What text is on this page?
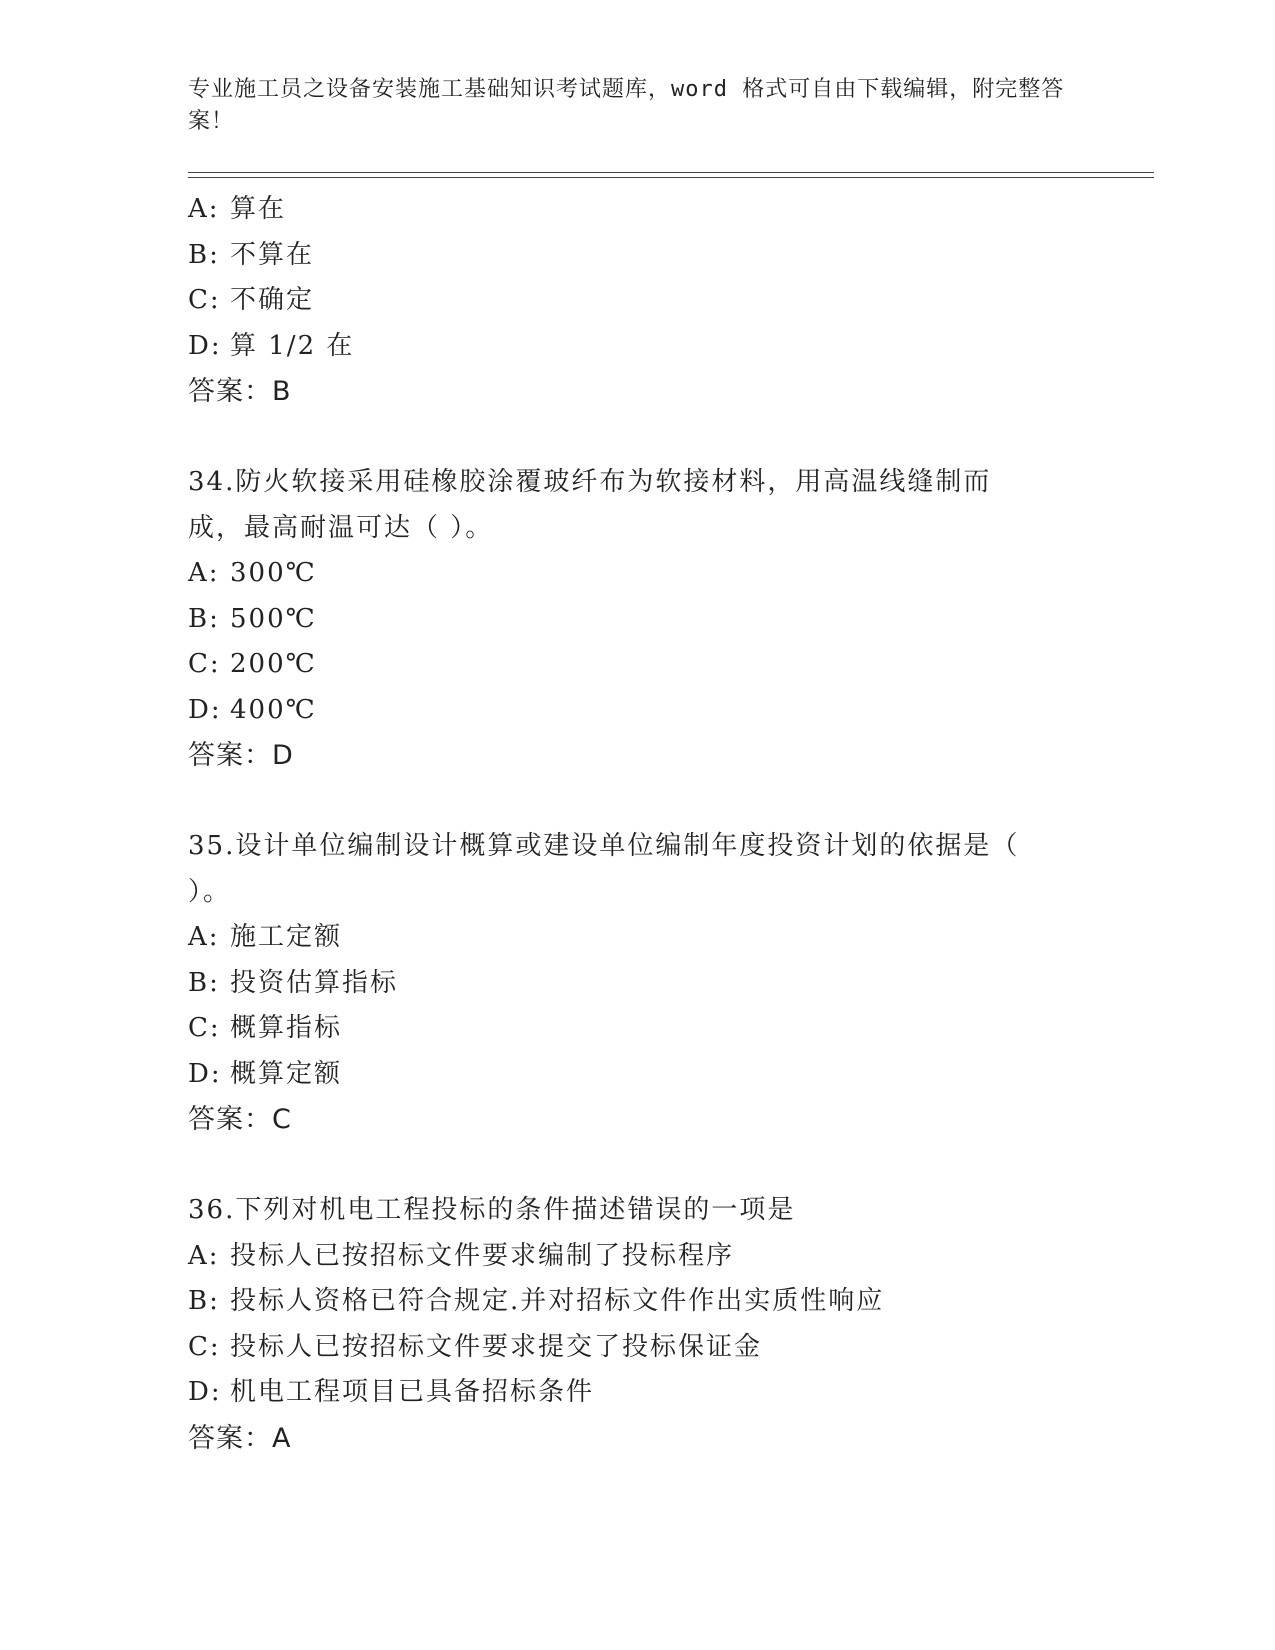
专业施工员之设备安装施工基础知识考试题库，word 格式可自由下载编辑，附完整答案！
A: 算在
B: 不算在
C: 不确定
D: 算 1/2 在
答案：B
34.防火软接采用硅橡胶涂覆玻纤布为软接材料，用高温线缝制而成，最高耐温可达（ ）。
A: 300℃
B: 500℃
C: 200℃
D: 400℃
答案：D
35.设计单位编制设计概算或建设单位编制年度投资计划的依据是（ ）。
A: 施工定额
B: 投资估算指标
C: 概算指标
D: 概算定额
答案：C
36.下列对机电工程投标的条件描述错误的一项是
A: 投标人已按招标文件要求编制了投标程序
B: 投标人资格已符合规定.并对招标文件作出实质性响应
C: 投标人已按招标文件要求提交了投标保证金
D: 机电工程项目已具备招标条件
答案：A
